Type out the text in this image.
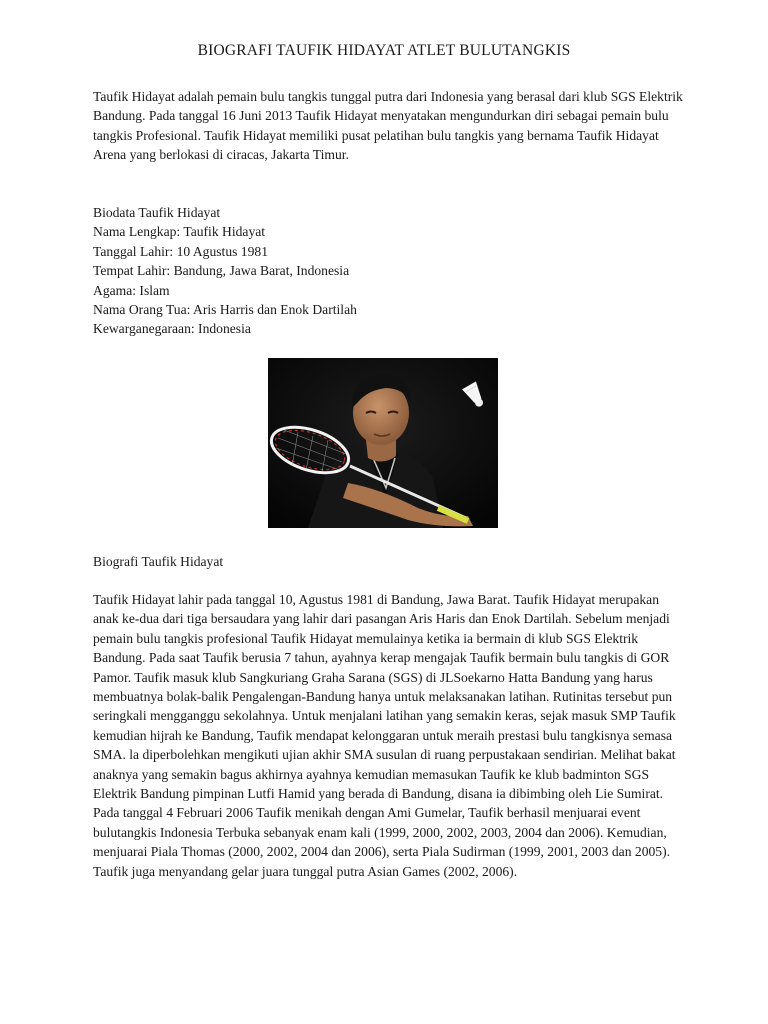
BIOGRAFI TAUFIK HIDAYAT ATLET BULUTANGKIS
Taufik Hidayat adalah pemain bulu tangkis tunggal putra dari Indonesia yang berasal dari klub SGS Elektrik Bandung. Pada tanggal 16 Juni 2013 Taufik Hidayat menyatakan mengundurkan diri sebagai pemain bulu tangkis Profesional. Taufik Hidayat memiliki pusat pelatihan bulu tangkis yang bernama Taufik Hidayat Arena yang berlokasi di ciracas, Jakarta Timur.
Biodata Taufik Hidayat
Nama Lengkap: Taufik Hidayat
Tanggal Lahir: 10 Agustus 1981
Tempat Lahir: Bandung, Jawa Barat, Indonesia
Agama: Islam
Nama Orang Tua: Aris Harris dan Enok Dartilah
Kewarganegaraan: Indonesia
Biografi Taufik Hidayat
Taufik Hidayat lahir pada tanggal 10, Agustus 1981 di Bandung, Jawa Barat. Taufik Hidayat merupakan anak ke-dua dari tiga bersaudara yang lahir dari pasangan Aris Haris dan Enok Dartilah. Sebelum menjadi pemain bulu tangkis profesional Taufik Hidayat memulainya ketika ia bermain di klub SGS Elektrik Bandung. Pada saat Taufik berusia 7 tahun, ayahnya kerap mengajak Taufik bermain bulu tangkis di GOR Pamor. Taufik masuk klub Sangkuriang Graha Sarana (SGS) di JLSoekarno Hatta Bandung yang harus membuatnya bolak-balik Pengalengan-Bandung hanya untuk melaksanakan latihan. Rutinitas tersebut pun seringkali mengganggu sekolahnya. Untuk menjalani latihan yang semakin keras, sejak masuk SMP Taufik kemudian hijrah ke Bandung, Taufik mendapat kelonggaran untuk meraih prestasi bulu tangkisnya semasa SMA. la diperbolehkan mengikuti ujian akhir SMA susulan di ruang perpustakaan sendirian. Melihat bakat anaknya yang semakin bagus akhirnya ayahnya kemudian memasukan Taufik ke klub badminton SGS Elektrik Bandung pimpinan Lutfi Hamid yang berada di Bandung, disana ia dibimbing oleh Lie Sumirat. Pada tanggal 4 Februari 2006 Taufik menikah dengan Ami Gumelar, Taufik berhasil menjuarai event bulutangkis Indonesia Terbuka sebanyak enam kali (1999, 2000, 2002, 2003, 2004 dan 2006). Kemudian, menjuarai Piala Thomas (2000, 2002, 2004 dan 2006), serta Piala Sudirman (1999, 2001, 2003 dan 2005). Taufik juga menyandang gelar juara tunggal putra Asian Games (2002, 2006).
